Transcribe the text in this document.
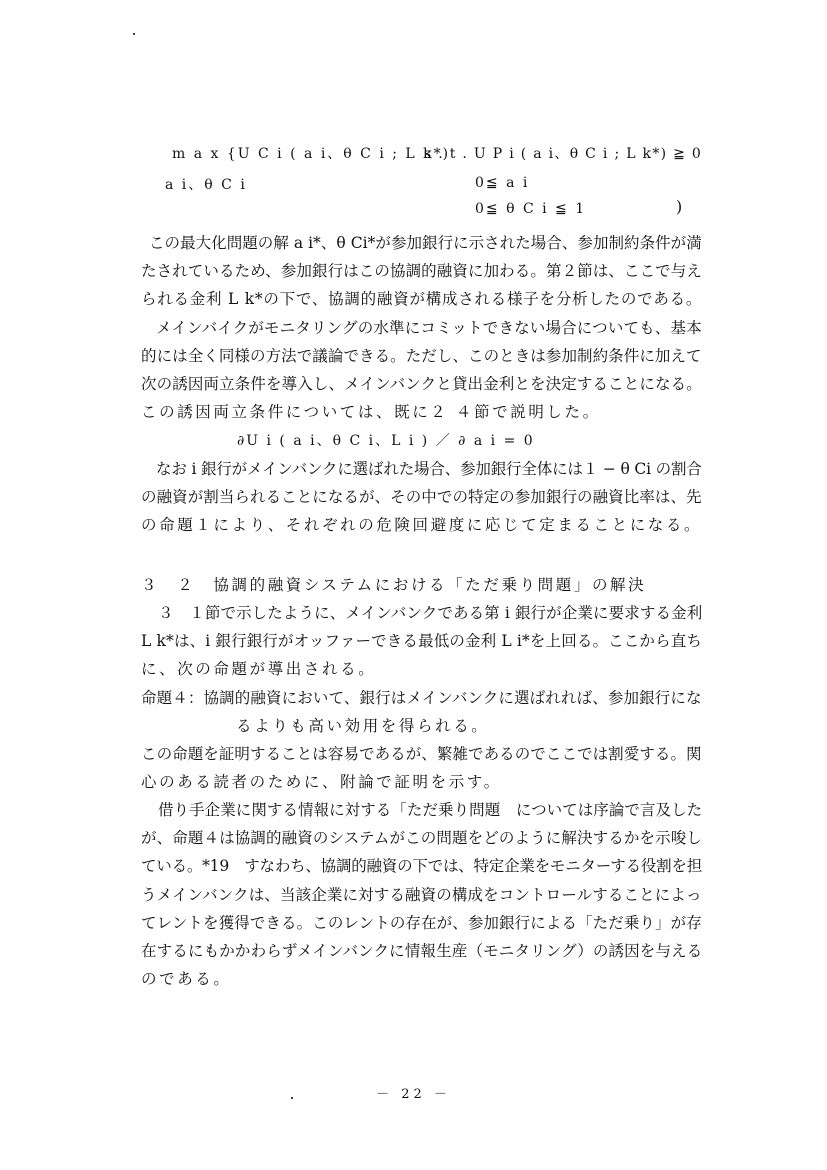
m a x {U C i ( a i、θ C i ; L k*)
s . t . U P i ( a i、θ C i ; L k*) ≧ 0
a i、θ C i	0≦ a i
0≦ θ C i ≦ 1	)
この最大化問題の解 a i*、θ Ci*が参加銀行に示された場合、参加制約条件が満
たされているため、参加銀行はこの協調的融資に加わる。第２節は、ここで与え
られる金利 L k*の下で、協調的融資が構成される様子を分析したのである。
メインバイクがモニタリングの水準にコミットできない場合についても、基本
的には全く同様の方法で議論できる。ただし、このときは参加制約条件に加えて
次の誘因両立条件を導入し、メインバンクと貸出金利とを決定することになる。
この誘因両立条件については、既に２ ４節で説明した。
∂U i ( a i、θ C i、L i ) ／ ∂ a i = 0
なお i 銀行がメインバンクに選ばれた場合、参加銀行全体には１ − θ Ci の割合
の融資が割当られることになるが、その中での特定の参加銀行の融資比率は、先
の命題１により、それぞれの危険回避度に応じて定まることになる。
３　２　協調的融資システムにおける「ただ乗り問題」の解決
３　１節で示したように、メインバンクである第 i 銀行が企業に要求する金利
L k*は、i 銀行銀行がオッファーできる最低の金利 L i*を上回る。ここから直ち
に、次の命題が導出される。
命題４：協調的融資において、銀行はメインバンクに選ばれれば、参加銀行にな
るよりも高い効用を得られる。
この命題を証明することは容易であるが、繁雑であるのでここでは割愛する。関
心のある読者のために、附論で証明を示す。
借り手企業に関する情報に対する「ただ乗り問題　については序論で言及した
が、命題４は協調的融資のシステムがこの問題をどのように解決するかを示唆し
ている。*19　すなわち、協調的融資の下では、特定企業をモニターする役割を担
うメインバンクは、当該企業に対する融資の構成をコントロールすることによっ
てレントを獲得できる。このレントの存在が、参加銀行による「ただ乗り」が存
在するにもかかわらずメインバンクに情報生産（モニタリング）の誘因を与える
のである。
－ 22 －
